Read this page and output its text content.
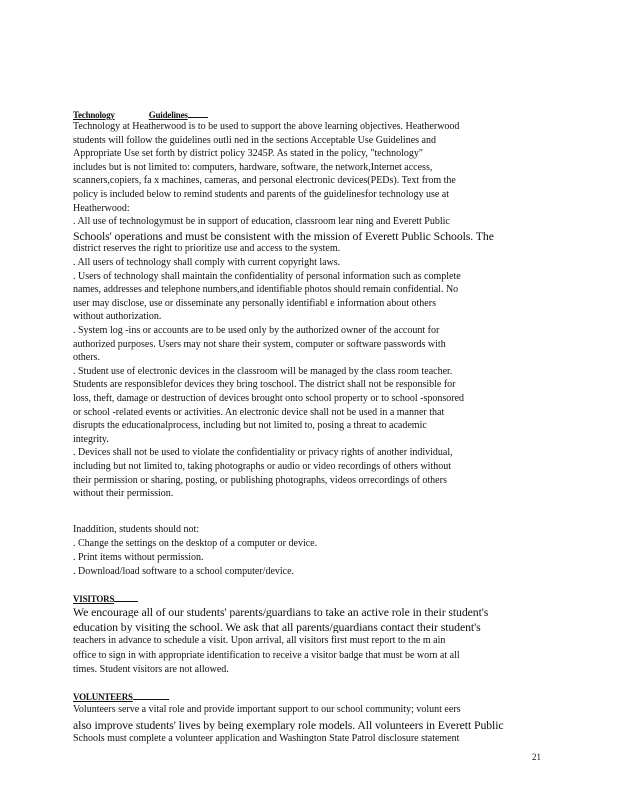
Technology	Guidelines
Technology at Heatherwood is to be used to support the above learning objectives. Heatherwood
students will follow the guidelines outli ned in the sections Acceptable Use Guidelines and
Appropriate Use set forth by district policy 3245P. As stated in the policy, "technology"
includes but is not limited to: computers, hardware, software, the network,Internet access,
scanners,copiers, fa x machines, cameras, and personal electronic devices(PEDs). Text from the
policy is included below to remind students and parents of the guidelinesfor technology use at
Heatherwood:
. All use of technologymust be in support of education, classroom lear ning and Everett Public
Schools' operations and must be consistent with the mission of Everett Public Schools. The
district reserves the right to prioritize use and access to the system.
. All users of technology shall comply with current copyright laws.
. Users of technology shall maintain the confidentiality of personal information such as complete
names, addresses and telephone numbers,and identifiable photos should remain confidential. No
user may disclose, use or disseminate any personally identifiabl e information about others
without authorization.
. System log -ins or accounts are to be used only by the authorized owner of the account for
authorized purposes. Users may not share their system, computer or software passwords with
others.
. Student use of electronic devices in the classroom will be managed by the class room teacher.
Students are responsiblefor devices they bring toschool. The district shall not be responsible for
loss, theft, damage or destruction of devices brought onto school property or to school -sponsored
or school -related events or activities. An electronic device shall not be used in a manner that
disrupts the educationalprocess, including but not limited to, posing a threat to academic
integrity.
. Devices shall not be used to violate the confidentiality or privacy rights of another individual,
including but not limited to, taking photographs or audio or video recordings of others without
their permission or sharing, posting, or publishing photographs, videos orrecordings of others
without their permission.
Inaddition, students should not:
. Change the settings on the desktop of a computer or device.
. Print items without permission.
. Download/load software to a school computer/device.
VISITORS
We encourage all of our students' parents/guardians to take an active role in their student's
education by visiting the school. We ask that all parents/guardians contact their student's
teachers in advance to schedule a visit. Upon arrival, all visitors first must report to the m ain
office to sign in with appropriate identification to receive a visitor badge that must be worn at all
times. Student visitors are not allowed.
VOLUNTEERS
Volunteers serve a vital role and provide important support to our school community; volunt eers
also improve students' lives by being exemplary role models. All volunteers in Everett Public
Schools must complete a volunteer application and Washington State Patrol disclosure statement
21
